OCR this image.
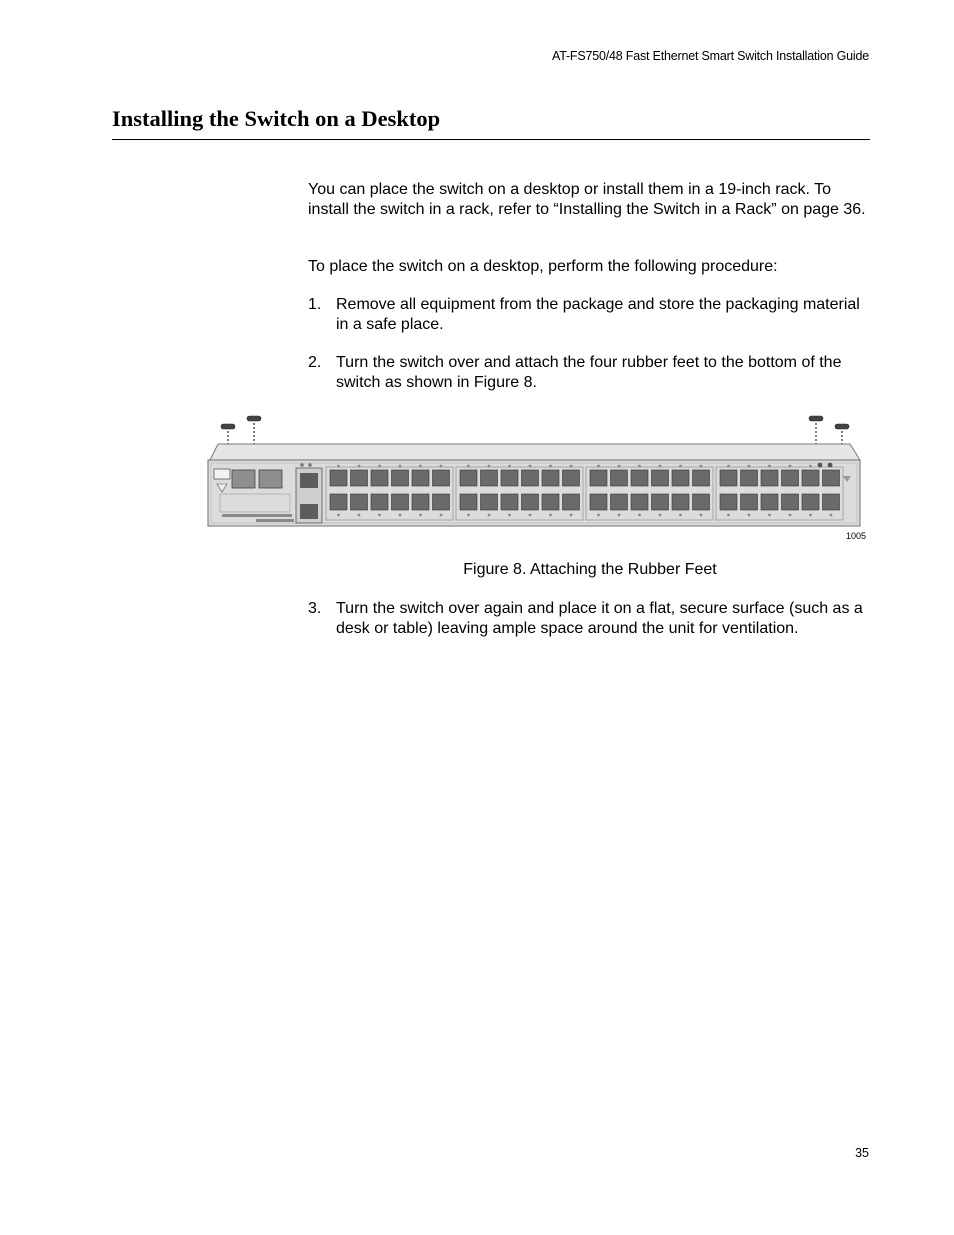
AT-FS750/48 Fast Ethernet Smart Switch Installation Guide
Installing the Switch on a Desktop

You can place the switch on a desktop or install them in a 19-inch rack. To install the switch in a rack, refer to “Installing the Switch in a Rack” on page 36.

To place the switch on a desktop, perform the following procedure:

1. Remove all equipment from the package and store the packaging material in a safe place.
2. Turn the switch over and attach the four rubber feet to the bottom of the switch as shown in Figure 8.
1005
Figure 8. Attaching the Rubber Feet
3. Turn the switch over again and place it on a flat, secure surface (such as a desk or table) leaving ample space around the unit for ventilation.
35
